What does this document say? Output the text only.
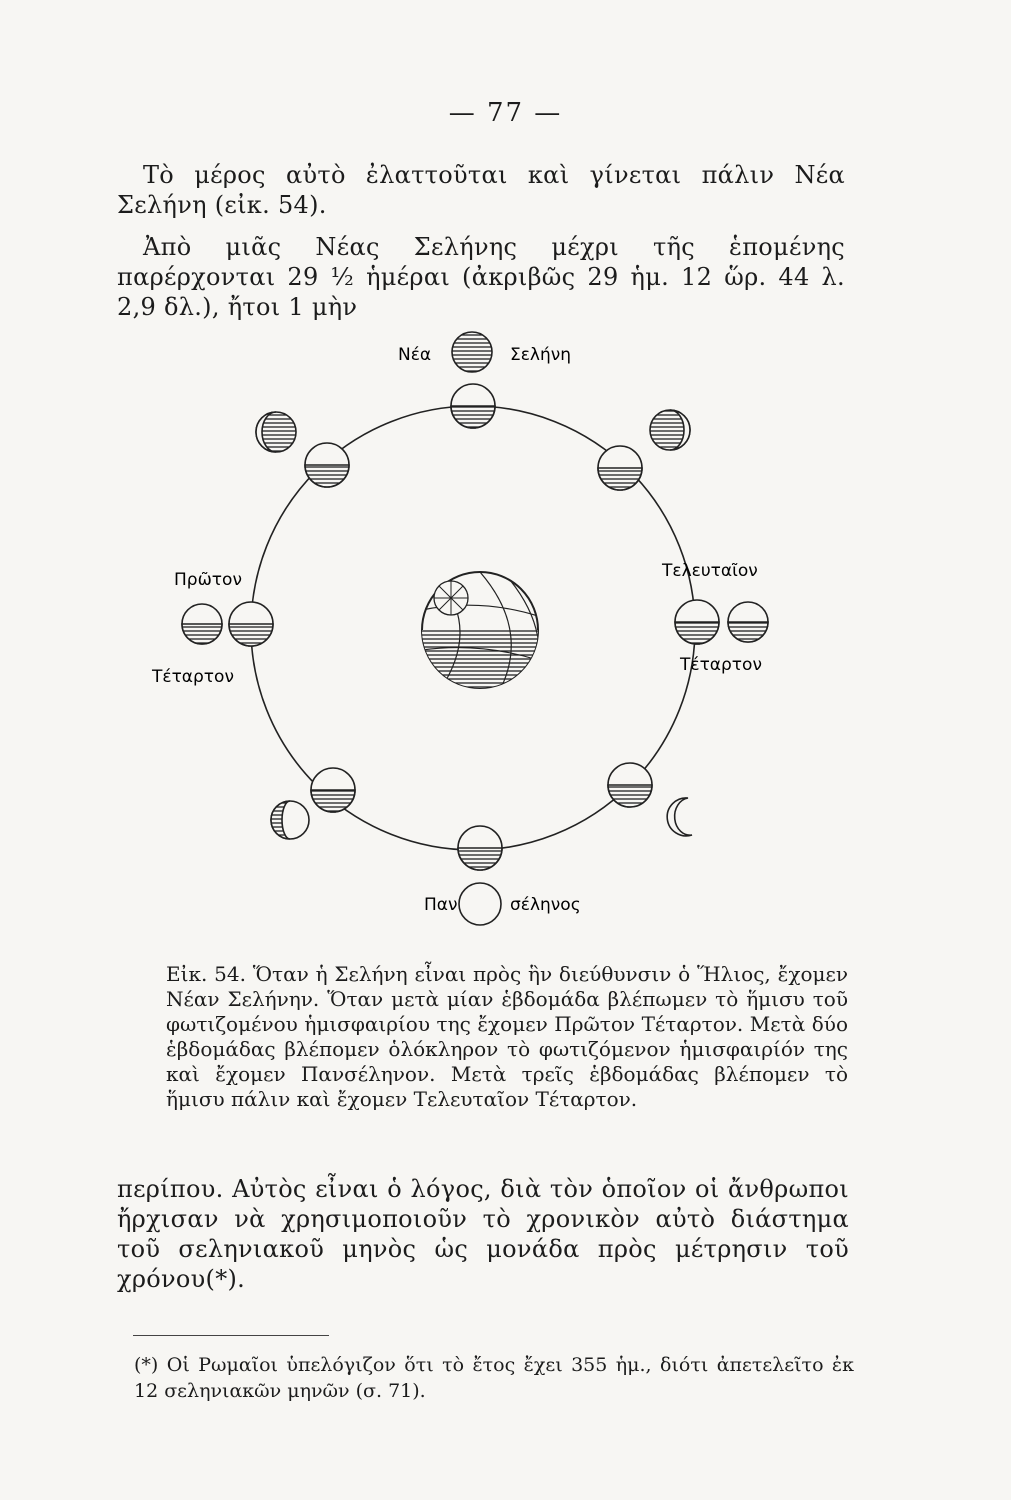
— 77 —

Τὸ μέρος αὐτὸ ἐλαττοῦται καὶ γίνεται πάλιν Νέα Σελήνη (εἰκ. 54).

Ἀπὸ μιᾶς Νέας Σελήνης μέχρι τῆς ἑπομένης παρέρχονται 29 ½ ἡμέραι (ἀκριβῶς 29 ἡμ. 12 ὥρ. 44 λ. 2,9 δλ.), ἤτοι 1 μὴν

Νέα	Σελήνη
Πρῶτον
Τέταρτον
Τελευταῖον
Τέταρτον
Παν	σέληνος

Εἰκ. 54. Ὅταν ἡ Σελήνη εἶναι πρὸς ἣν διεύθυνσιν ὁ Ἥλιος, ἔχομεν Νέαν Σελήνην. Ὅταν μετὰ μίαν ἑβδομάδα βλέπωμεν τὸ ἥμισυ τοῦ φωτιζομένου ἡμισφαιρίου της ἔχομεν Πρῶτον Τέταρτον. Μετὰ δύο ἑβδομάδας βλέπομεν ὁλόκληρον τὸ φωτιζόμενον ἡμισφαιρίόν της καὶ ἔχομεν Πανσέληνον. Μετὰ τρεῖς ἑβδομάδας βλέπομεν τὸ ἥμισυ πάλιν καὶ ἔχομεν Τελευταῖον Τέταρτον.

περίπου. Αὐτὸς εἶναι ὁ λόγος, διὰ τὸν ὁποῖον οἱ ἄνθρωποι ἤρχισαν νὰ χρησιμοποιοῦν τὸ χρονικὸν αὐτὸ διάστημα τοῦ σεληνιακοῦ μηνὸς ὡς μονάδα πρὸς μέτρησιν τοῦ χρόνου(*).

(*) Οἱ Ρωμαῖοι ὑπελόγιζον ὅτι τὸ ἔτος ἔχει 355 ἡμ., διότι ἀπετελεῖτο ἐκ 12 σεληνιακῶν μηνῶν (σ. 71).
